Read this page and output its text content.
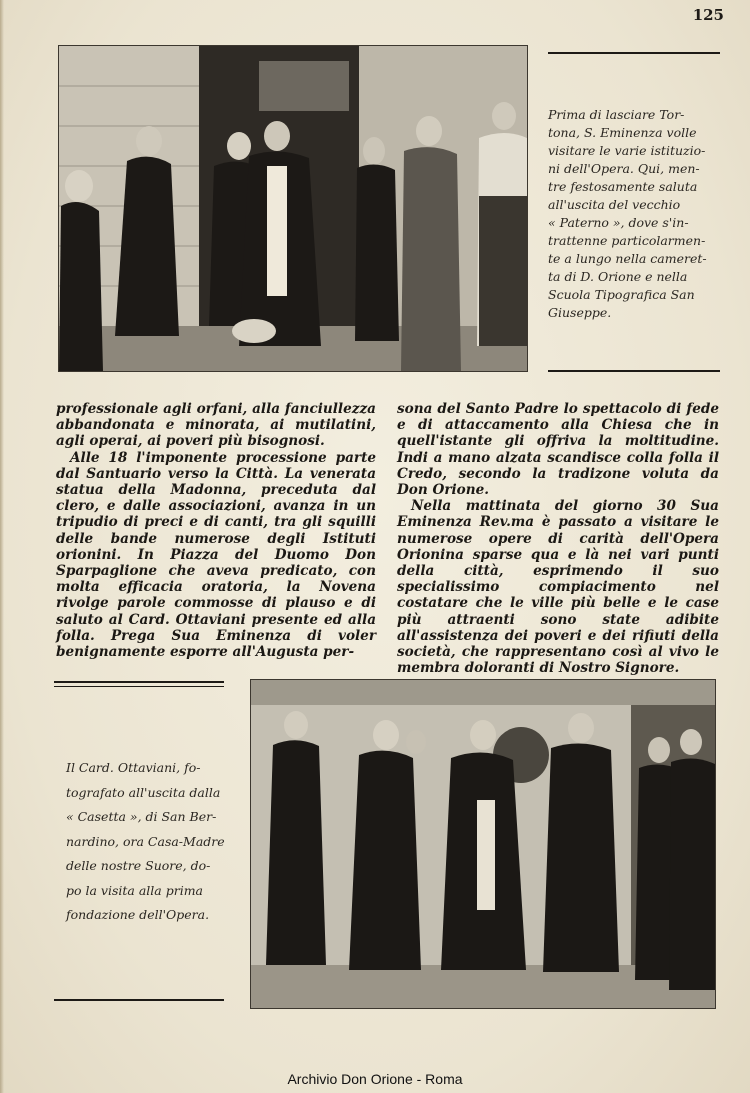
125
Prima di lasciare Tor-
tona, S. Eminenza volle
visitare le varie istituzio-
ni dell'Opera. Qui, men-
tre festosamente saluta
all'uscita del vecchio
« Paterno », dove s'in-
trattenne particolarmen-
te a lungo nella cameret-
ta di D. Orione e nella
Scuola Tipografica San
Giuseppe.

professionale agli orfani, alla fanciullezza abbandonata e minorata, ai mutilatini, agli operai, ai poveri più bisognosi.

Alle 18 l'imponente processione parte dal Santuario verso la Città. La venerata statua della Madonna, preceduta dal clero, e dalle associazioni, avanza in un tripudio di preci e di canti, tra gli squilli delle bande numerose degli Istituti orionini. In Piazza del Duomo Don Sparpaglione che aveva predicato, con molta efficacia oratoria, la Novena rivolge parole commosse di plauso e di saluto al Card. Ottaviani presente ed alla folla. Prega Sua Eminenza di voler benignamente esporre all'Augusta per-

sona del Santo Padre lo spettacolo di fede e di attaccamento alla Chiesa che in quell'istante gli offriva la moltitudine. Indi a mano alzata scandisce colla folla il Credo, secondo la tradizone voluta da Don Orione.

Nella mattinata del giorno 30 Sua Eminenza Rev.ma è passato a visitare le numerose opere di carità dell'Opera Orionina sparse qua e là nei vari punti della città, esprimendo il suo specialissimo compiacimento nel costatare che le ville più belle e le case più attraenti sono state adibite all'assistenza dei poveri e dei rifiuti della società, che rappresentano così al vivo le membra doloranti di Nostro Signore.

Il Card. Ottaviani, fo-
tografato all'uscita dalla
« Casetta », di San Ber-
nardino, ora Casa-Madre
delle nostre Suore, do-
po la visita alla prima
fondazione dell'Opera.
Archivio Don Orione - Roma
